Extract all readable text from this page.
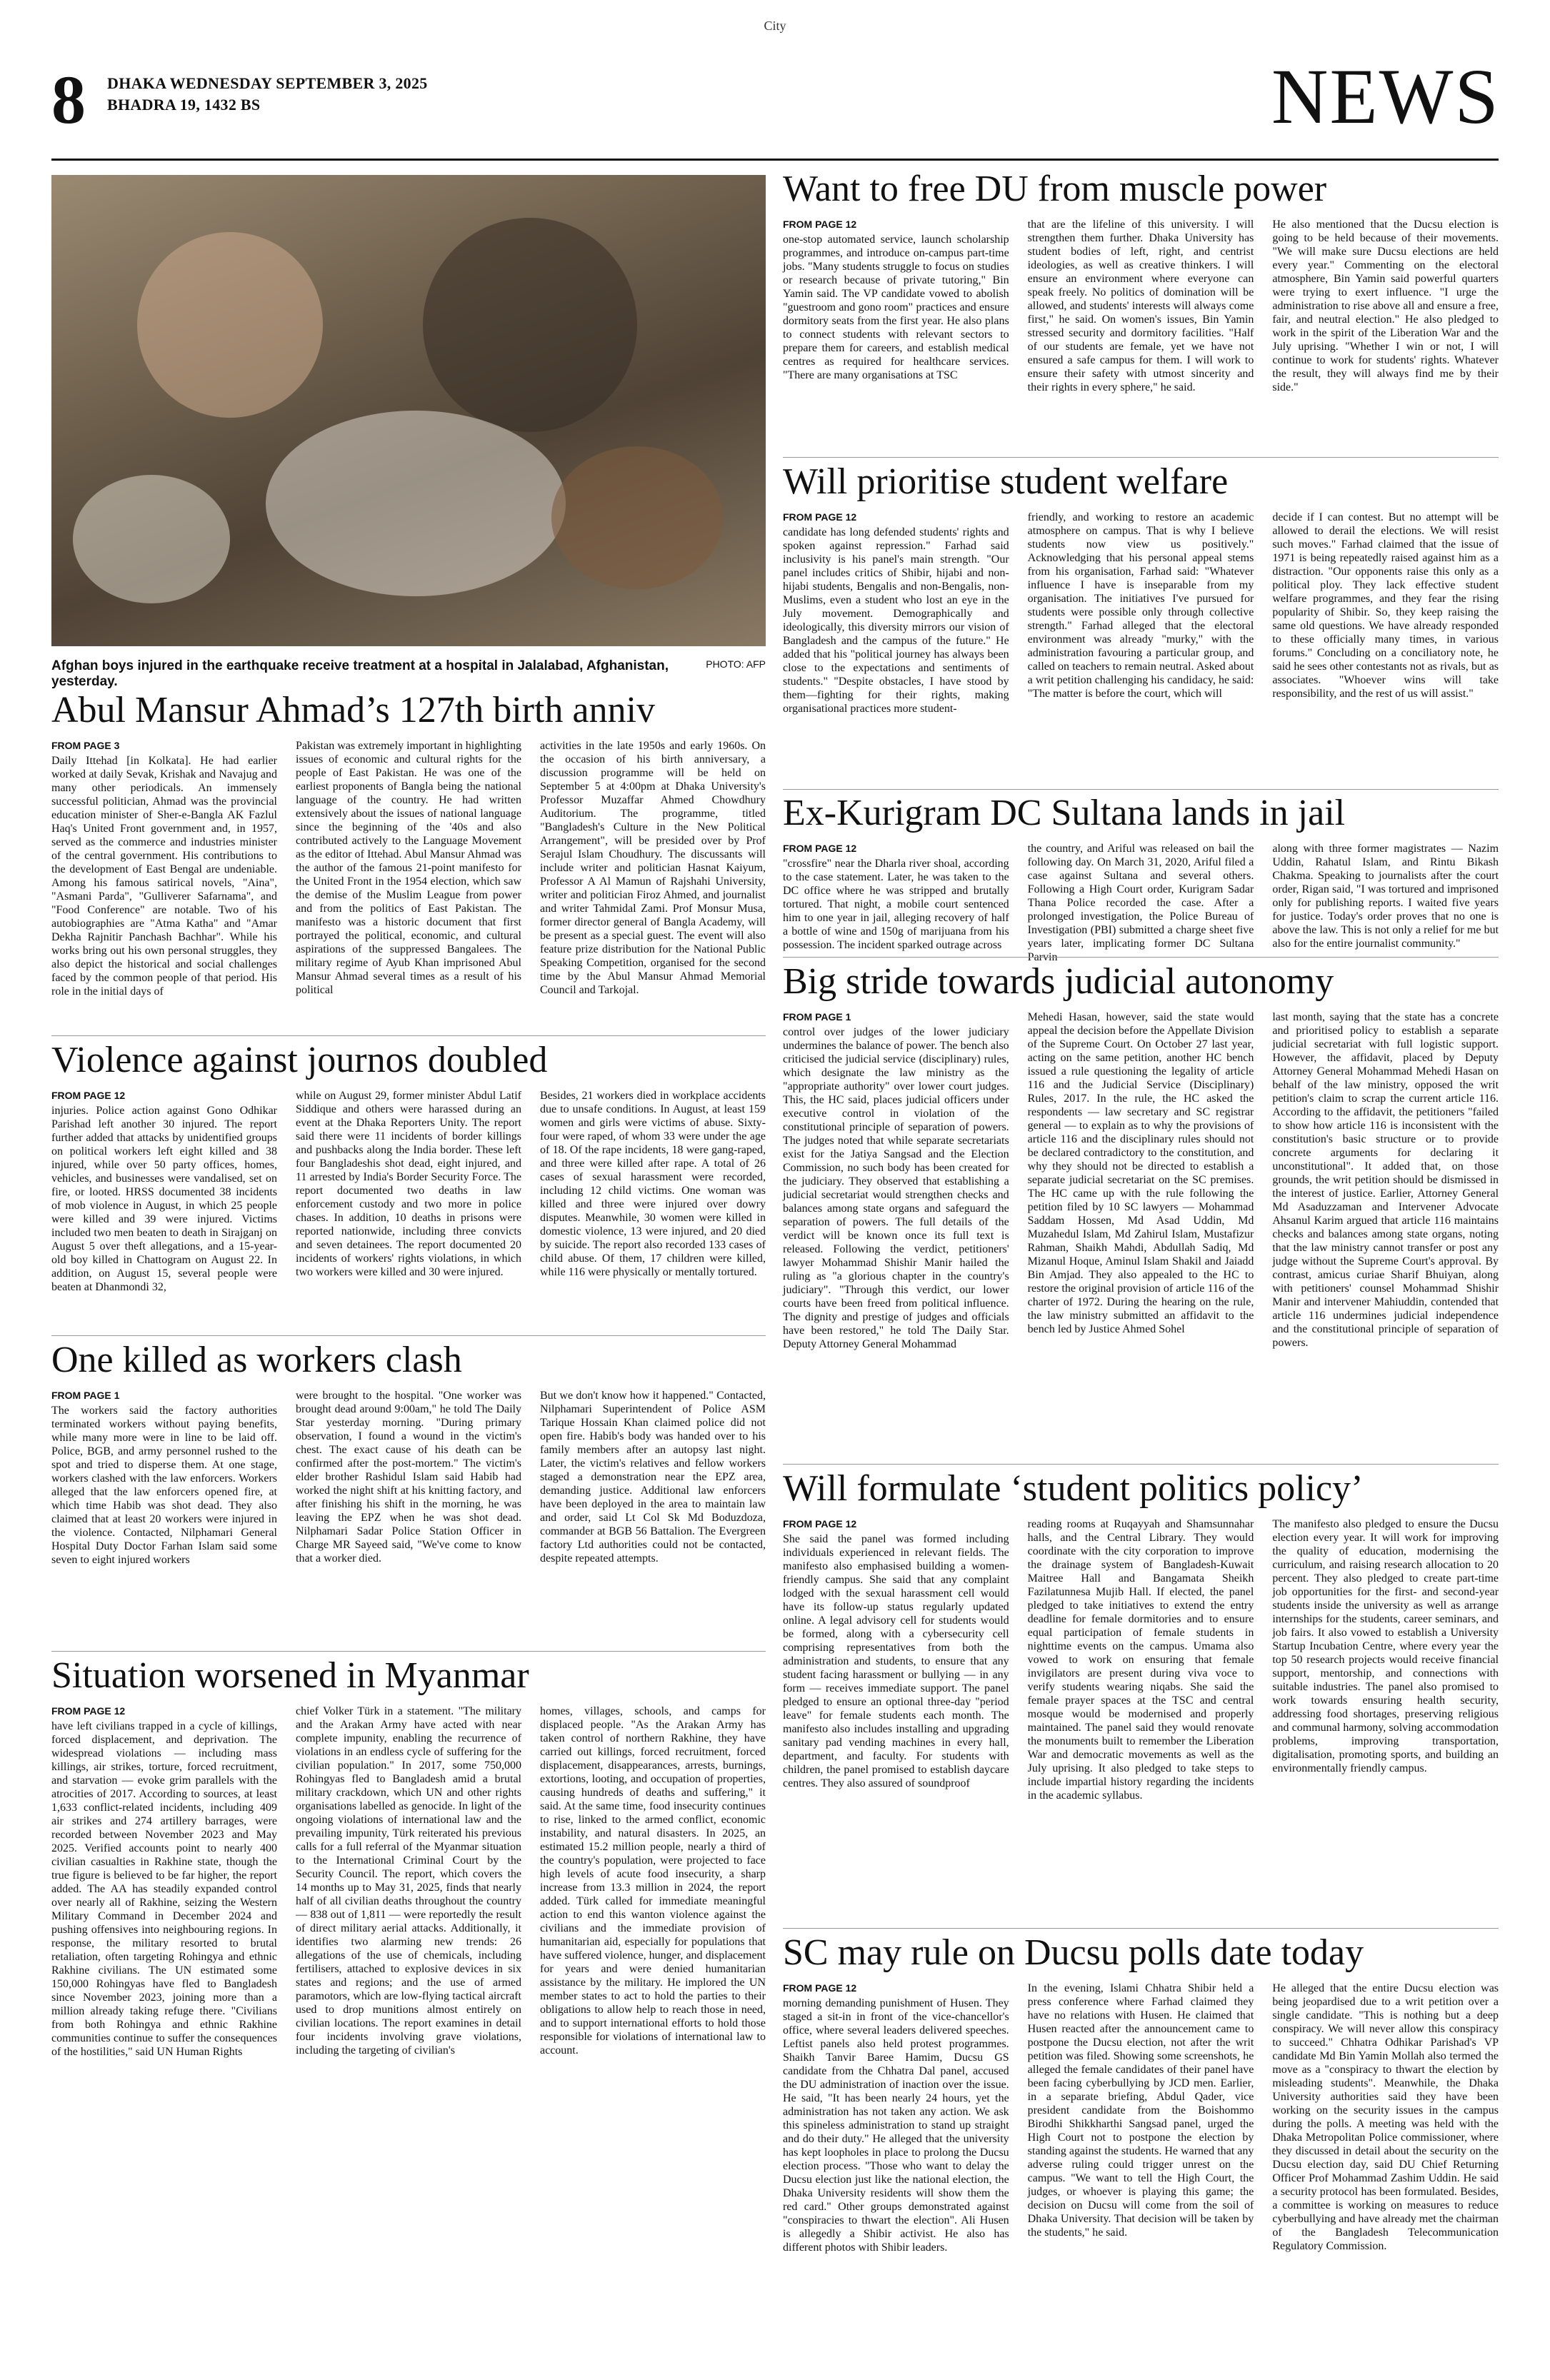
City
8 DHAKA WEDNESDAY SEPTEMBER 3, 2025
BHADRA 19, 1432 BS	NEWS
PHOTO: AFP
Afghan boys injured in the earthquake receive treatment at a hospital in Jalalabad, Afghanistan, yesterday.
Want to free DU from muscle power
FROM PAGE 12

one-stop automated service, launch scholarship programmes, and introduce on-campus part-time jobs. "Many students struggle to focus on studies or research because of private tutoring," Bin Yamin said. The VP candidate vowed to abolish "guestroom and gono room" practices and ensure dormitory seats from the first year. He also plans to connect students with relevant sectors to prepare them for careers, and establish medical centres as required for healthcare services. "There are many organisations at TSC

that are the lifeline of this university. I will strengthen them further. Dhaka University has student bodies of left, right, and centrist ideologies, as well as creative thinkers. I will ensure an environment where everyone can speak freely. No politics of domination will be allowed, and students' interests will always come first," he said. On women's issues, Bin Yamin stressed security and dormitory facilities. "Half of our students are female, yet we have not ensured a safe campus for them. I will work to ensure their safety with utmost sincerity and their rights in every sphere," he said.

He also mentioned that the Ducsu election is going to be held because of their movements. "We will make sure Ducsu elections are held every year." Commenting on the electoral atmosphere, Bin Yamin said powerful quarters were trying to exert influence. "I urge the administration to rise above all and ensure a free, fair, and neutral election." He also pledged to work in the spirit of the Liberation War and the July uprising. "Whether I win or not, I will continue to work for students' rights. Whatever the result, they will always find me by their side."

Will prioritise student welfare
FROM PAGE 12

candidate has long defended students' rights and spoken against repression." Farhad said inclusivity is his panel's main strength. "Our panel includes critics of Shibir, hijabi and non-hijabi students, Bengalis and non-Bengalis, non-Muslims, even a student who lost an eye in the July movement. Demographically and ideologically, this diversity mirrors our vision of Bangladesh and the campus of the future." He added that his "political journey has always been close to the expectations and sentiments of students." "Despite obstacles, I have stood by them—fighting for their rights, making organisational practices more student-

friendly, and working to restore an academic atmosphere on campus. That is why I believe students now view us positively." Acknowledging that his personal appeal stems from his organisation, Farhad said: "Whatever influence I have is inseparable from my organisation. The initiatives I've pursued for students were possible only through collective strength." Farhad alleged that the electoral environment was already "murky," with the administration favouring a particular group, and called on teachers to remain neutral. Asked about a writ petition challenging his candidacy, he said: "The matter is before the court, which will

decide if I can contest. But no attempt will be allowed to derail the elections. We will resist such moves." Farhad claimed that the issue of 1971 is being repeatedly raised against him as a distraction. "Our opponents raise this only as a political ploy. They lack effective student welfare programmes, and they fear the rising popularity of Shibir. So, they keep raising the same old questions. We have already responded to these officially many times, in various forums." Concluding on a conciliatory note, he said he sees other contestants not as rivals, but as associates. "Whoever wins will take responsibility, and the rest of us will assist."

Abul Mansur Ahmad’s 127th birth anniv
FROM PAGE 3

Daily Ittehad [in Kolkata]. He had earlier worked at daily Sevak, Krishak and Navajug and many other periodicals. An immensely successful politician, Ahmad was the provincial education minister of Sher-e-Bangla AK Fazlul Haq's United Front government and, in 1957, served as the commerce and industries minister of the central government. His contributions to the development of East Bengal are undeniable. Among his famous satirical novels, "Aina", "Asmani Parda", "Gulliverer Safarnama", and "Food Conference" are notable. Two of his autobiographies are "Atma Katha" and "Amar Dekha Rajnitir Panchash Bachhar". While his works bring out his own personal struggles, they also depict the historical and social challenges faced by the common people of that period. His role in the initial days of

Pakistan was extremely important in highlighting issues of economic and cultural rights for the people of East Pakistan. He was one of the earliest proponents of Bangla being the national language of the country. He had written extensively about the issues of national language since the beginning of the '40s and also contributed actively to the Language Movement as the editor of Ittehad. Abul Mansur Ahmad was the author of the famous 21-point manifesto for the United Front in the 1954 election, which saw the demise of the Muslim League from power and from the politics of East Pakistan. The manifesto was a historic document that first portrayed the political, economic, and cultural aspirations of the suppressed Bangalees. The military regime of Ayub Khan imprisoned Abul Mansur Ahmad several times as a result of his political

activities in the late 1950s and early 1960s. On the occasion of his birth anniversary, a discussion programme will be held on September 5 at 4:00pm at Dhaka University's Professor Muzaffar Ahmed Chowdhury Auditorium. The programme, titled "Bangladesh's Culture in the New Political Arrangement", will be presided over by Prof Serajul Islam Choudhury. The discussants will include writer and politician Hasnat Kaiyum, Professor A Al Mamun of Rajshahi University, writer and politician Firoz Ahmed, and journalist and writer Tahmidal Zami. Prof Monsur Musa, former director general of Bangla Academy, will be present as a special guest. The event will also feature prize distribution for the National Public Speaking Competition, organised for the second time by the Abul Mansur Ahmad Memorial Council and Tarkojal.

Ex-Kurigram DC Sultana lands in jail
FROM PAGE 12

"crossfire" near the Dharla river shoal, according to the case statement. Later, he was taken to the DC office where he was stripped and brutally tortured. That night, a mobile court sentenced him to one year in jail, alleging recovery of half a bottle of wine and 150g of marijuana from his possession. The incident sparked outrage across

the country, and Ariful was released on bail the following day. On March 31, 2020, Ariful filed a case against Sultana and several others. Following a High Court order, Kurigram Sadar Thana Police recorded the case. After a prolonged investigation, the Police Bureau of Investigation (PBI) submitted a charge sheet five years later, implicating former DC Sultana Parvin

along with three former magistrates — Nazim Uddin, Rahatul Islam, and Rintu Bikash Chakma. Speaking to journalists after the court order, Rigan said, "I was tortured and imprisoned only for publishing reports. I waited five years for justice. Today's order proves that no one is above the law. This is not only a relief for me but also for the entire journalist community."

Big stride towards judicial autonomy
FROM PAGE 1

control over judges of the lower judiciary undermines the balance of power. The bench also criticised the judicial service (disciplinary) rules, which designate the law ministry as the "appropriate authority" over lower court judges. This, the HC said, places judicial officers under executive control in violation of the constitutional principle of separation of powers. The judges noted that while separate secretariats exist for the Jatiya Sangsad and the Election Commission, no such body has been created for the judiciary. They observed that establishing a judicial secretariat would strengthen checks and balances among state organs and safeguard the separation of powers. The full details of the verdict will be known once its full text is released. Following the verdict, petitioners' lawyer Mohammad Shishir Manir hailed the ruling as "a glorious chapter in the country's judiciary". "Through this verdict, our lower courts have been freed from political influence. The dignity and prestige of judges and officials have been restored," he told The Daily Star. Deputy Attorney General Mohammad

Mehedi Hasan, however, said the state would appeal the decision before the Appellate Division of the Supreme Court. On October 27 last year, acting on the same petition, another HC bench issued a rule questioning the legality of article 116 and the Judicial Service (Disciplinary) Rules, 2017. In the rule, the HC asked the respondents — law secretary and SC registrar general — to explain as to why the provisions of article 116 and the disciplinary rules should not be declared contradictory to the constitution, and why they should not be directed to establish a separate judicial secretariat on the SC premises. The HC came up with the rule following the petition filed by 10 SC lawyers — Mohammad Saddam Hossen, Md Asad Uddin, Md Muzahedul Islam, Md Zahirul Islam, Mustafizur Rahman, Shaikh Mahdi, Abdullah Sadiq, Md Mizanul Hoque, Aminul Islam Shakil and Jaiadd Bin Amjad. They also appealed to the HC to restore the original provision of article 116 of the charter of 1972. During the hearing on the rule, the law ministry submitted an affidavit to the bench led by Justice Ahmed Sohel

last month, saying that the state has a concrete and prioritised policy to establish a separate judicial secretariat with full logistic support. However, the affidavit, placed by Deputy Attorney General Mohammad Mehedi Hasan on behalf of the law ministry, opposed the writ petition's claim to scrap the current article 116. According to the affidavit, the petitioners "failed to show how article 116 is inconsistent with the constitution's basic structure or to provide concrete arguments for declaring it unconstitutional". It added that, on those grounds, the writ petition should be dismissed in the interest of justice. Earlier, Attorney General Md Asaduzzaman and Intervener Advocate Ahsanul Karim argued that article 116 maintains checks and balances among state organs, noting that the law ministry cannot transfer or post any judge without the Supreme Court's approval. By contrast, amicus curiae Sharif Bhuiyan, along with petitioners' counsel Mohammad Shishir Manir and intervener Mahiuddin, contended that article 116 undermines judicial independence and the constitutional principle of separation of powers.

Violence against journos doubled
FROM PAGE 12

injuries. Police action against Gono Odhikar Parishad left another 30 injured. The report further added that attacks by unidentified groups on political workers left eight killed and 38 injured, while over 50 party offices, homes, vehicles, and businesses were vandalised, set on fire, or looted. HRSS documented 38 incidents of mob violence in August, in which 25 people were killed and 39 were injured. Victims included two men beaten to death in Sirajganj on August 5 over theft allegations, and a 15-year-old boy killed in Chattogram on August 22. In addition, on August 15, several people were beaten at Dhanmondi 32,

while on August 29, former minister Abdul Latif Siddique and others were harassed during an event at the Dhaka Reporters Unity. The report said there were 11 incidents of border killings and pushbacks along the India border. These left four Bangladeshis shot dead, eight injured, and 11 arrested by India's Border Security Force. The report documented two deaths in law enforcement custody and two more in police chases. In addition, 10 deaths in prisons were reported nationwide, including three convicts and seven detainees. The report documented 20 incidents of workers' rights violations, in which two workers were killed and 30 were injured.

Besides, 21 workers died in workplace accidents due to unsafe conditions. In August, at least 159 women and girls were victims of abuse. Sixty-four were raped, of whom 33 were under the age of 18. Of the rape incidents, 18 were gang-raped, and three were killed after rape. A total of 26 cases of sexual harassment were recorded, including 12 child victims. One woman was killed and three were injured over dowry disputes. Meanwhile, 30 women were killed in domestic violence, 13 were injured, and 20 died by suicide. The report also recorded 133 cases of child abuse. Of them, 17 children were killed, while 116 were physically or mentally tortured.

One killed as workers clash
FROM PAGE 1

The workers said the factory authorities terminated workers without paying benefits, while many more were in line to be laid off. Police, BGB, and army personnel rushed to the spot and tried to disperse them. At one stage, workers clashed with the law enforcers. Workers alleged that the law enforcers opened fire, at which time Habib was shot dead. They also claimed that at least 20 workers were injured in the violence. Contacted, Nilphamari General Hospital Duty Doctor Farhan Islam said some seven to eight injured workers

were brought to the hospital. "One worker was brought dead around 9:00am," he told The Daily Star yesterday morning. "During primary observation, I found a wound in the victim's chest. The exact cause of his death can be confirmed after the post-mortem." The victim's elder brother Rashidul Islam said Habib had worked the night shift at his knitting factory, and after finishing his shift in the morning, he was leaving the EPZ when he was shot dead. Nilphamari Sadar Police Station Officer in Charge MR Sayeed said, "We've come to know that a worker died.

But we don't know how it happened." Contacted, Nilphamari Superintendent of Police ASM Tarique Hossain Khan claimed police did not open fire. Habib's body was handed over to his family members after an autopsy last night. Later, the victim's relatives and fellow workers staged a demonstration near the EPZ area, demanding justice. Additional law enforcers have been deployed in the area to maintain law and order, said Lt Col Sk Md Boduzdoza, commander at BGB 56 Battalion. The Evergreen factory Ltd authorities could not be contacted, despite repeated attempts.

Will formulate ‘student politics policy’
FROM PAGE 12

She said the panel was formed including individuals experienced in relevant fields. The manifesto also emphasised building a women-friendly campus. She said that any complaint lodged with the sexual harassment cell would have its follow-up status regularly updated online. A legal advisory cell for students would be formed, along with a cybersecurity cell comprising representatives from both the administration and students, to ensure that any student facing harassment or bullying — in any form — receives immediate support. The panel pledged to ensure an optional three-day "period leave" for female students each month. The manifesto also includes installing and upgrading sanitary pad vending machines in every hall, department, and faculty. For students with children, the panel promised to establish daycare centres. They also assured of soundproof

reading rooms at Ruqayyah and Shamsunnahar halls, and the Central Library. They would coordinate with the city corporation to improve the drainage system of Bangladesh-Kuwait Maitree Hall and Bangamata Sheikh Fazilatunnesa Mujib Hall. If elected, the panel pledged to take initiatives to extend the entry deadline for female dormitories and to ensure equal participation of female students in nighttime events on the campus. Umama also vowed to work on ensuring that female invigilators are present during viva voce to verify students wearing niqabs. She said the female prayer spaces at the TSC and central mosque would be modernised and properly maintained. The panel said they would renovate the monuments built to remember the Liberation War and democratic movements as well as the July uprising. It also pledged to take steps to include impartial history regarding the incidents in the academic syllabus.

The manifesto also pledged to ensure the Ducsu election every year. It will work for improving the quality of education, modernising the curriculum, and raising research allocation to 20 percent. They also pledged to create part-time job opportunities for the first- and second-year students inside the university as well as arrange internships for the students, career seminars, and job fairs. It also vowed to establish a University Startup Incubation Centre, where every year the top 50 research projects would receive financial support, mentorship, and connections with suitable industries. The panel also promised to work towards ensuring health security, addressing food shortages, preserving religious and communal harmony, solving accommodation problems, improving transportation, digitalisation, promoting sports, and building an environmentally friendly campus.

Situation worsened in Myanmar
FROM PAGE 12

have left civilians trapped in a cycle of killings, forced displacement, and deprivation. The widespread violations — including mass killings, air strikes, torture, forced recruitment, and starvation — evoke grim parallels with the atrocities of 2017. According to sources, at least 1,633 conflict-related incidents, including 409 air strikes and 274 artillery barrages, were recorded between November 2023 and May 2025. Verified accounts point to nearly 400 civilian casualties in Rakhine state, though the true figure is believed to be far higher, the report added. The AA has steadily expanded control over nearly all of Rakhine, seizing the Western Military Command in December 2024 and pushing offensives into neighbouring regions. In response, the military resorted to brutal retaliation, often targeting Rohingya and ethnic Rakhine civilians. The UN estimated some 150,000 Rohingyas have fled to Bangladesh since November 2023, joining more than a million already taking refuge there. "Civilians from both Rohingya and ethnic Rakhine communities continue to suffer the consequences of the hostilities," said UN Human Rights

chief Volker Türk in a statement. "The military and the Arakan Army have acted with near complete impunity, enabling the recurrence of violations in an endless cycle of suffering for the civilian population." In 2017, some 750,000 Rohingyas fled to Bangladesh amid a brutal military crackdown, which UN and other rights organisations labelled as genocide. In light of the ongoing violations of international law and the prevailing impunity, Türk reiterated his previous calls for a full referral of the Myanmar situation to the International Criminal Court by the Security Council. The report, which covers the 14 months up to May 31, 2025, finds that nearly half of all civilian deaths throughout the country — 838 out of 1,811 — were reportedly the result of direct military aerial attacks. Additionally, it identifies two alarming new trends: 26 allegations of the use of chemicals, including fertilisers, attached to explosive devices in six states and regions; and the use of armed paramotors, which are low-flying tactical aircraft used to drop munitions almost entirely on civilian locations. The report examines in detail four incidents involving grave violations, including the targeting of civilian's

homes, villages, schools, and camps for displaced people. "As the Arakan Army has taken control of northern Rakhine, they have carried out killings, forced recruitment, forced displacement, disappearances, arrests, burnings, extortions, looting, and occupation of properties, causing hundreds of deaths and suffering," it said. At the same time, food insecurity continues to rise, linked to the armed conflict, economic instability, and natural disasters. In 2025, an estimated 15.2 million people, nearly a third of the country's population, were projected to face high levels of acute food insecurity, a sharp increase from 13.3 million in 2024, the report added. Türk called for immediate meaningful action to end this wanton violence against the civilians and the immediate provision of humanitarian aid, especially for populations that have suffered violence, hunger, and displacement for years and were denied humanitarian assistance by the military. He implored the UN member states to act to hold the parties to their obligations to allow help to reach those in need, and to support international efforts to hold those responsible for violations of international law to account.

SC may rule on Ducsu polls date today
FROM PAGE 12

morning demanding punishment of Husen. They staged a sit-in in front of the vice-chancellor's office, where several leaders delivered speeches. Leftist panels also held protest programmes. Shaikh Tanvir Baree Hamim, Ducsu GS candidate from the Chhatra Dal panel, accused the DU administration of inaction over the issue. He said, "It has been nearly 24 hours, yet the administration has not taken any action. We ask this spineless administration to stand up straight and do their duty." He alleged that the university has kept loopholes in place to prolong the Ducsu election process. "Those who want to delay the Ducsu election just like the national election, the Dhaka University residents will show them the red card." Other groups demonstrated against "conspiracies to thwart the election". Ali Husen is allegedly a Shibir activist. He also has different photos with Shibir leaders.

In the evening, Islami Chhatra Shibir held a press conference where Farhad claimed they have no relations with Husen. He claimed that Husen reacted after the announcement came to postpone the Ducsu election, not after the writ petition was filed. Showing some screenshots, he alleged the female candidates of their panel have been facing cyberbullying by JCD men. Earlier, in a separate briefing, Abdul Qader, vice president candidate from the Boishommo Birodhi Shikkharthi Sangsad panel, urged the High Court not to postpone the election by standing against the students. He warned that any adverse ruling could trigger unrest on the campus. "We want to tell the High Court, the judges, or whoever is playing this game; the decision on Ducsu will come from the soil of Dhaka University. That decision will be taken by the students," he said.

He alleged that the entire Ducsu election was being jeopardised due to a writ petition over a single candidate. "This is nothing but a deep conspiracy. We will never allow this conspiracy to succeed." Chhatra Odhikar Parishad's VP candidate Md Bin Yamin Mollah also termed the move as a "conspiracy to thwart the election by misleading students". Meanwhile, the Dhaka University authorities said they have been working on the security issues in the campus during the polls. A meeting was held with the Dhaka Metropolitan Police commissioner, where they discussed in detail about the security on the Ducsu election day, said DU Chief Returning Officer Prof Mohammad Zashim Uddin. He said a security protocol has been formulated. Besides, a committee is working on measures to reduce cyberbullying and have already met the chairman of the Bangladesh Telecommunication Regulatory Commission.
